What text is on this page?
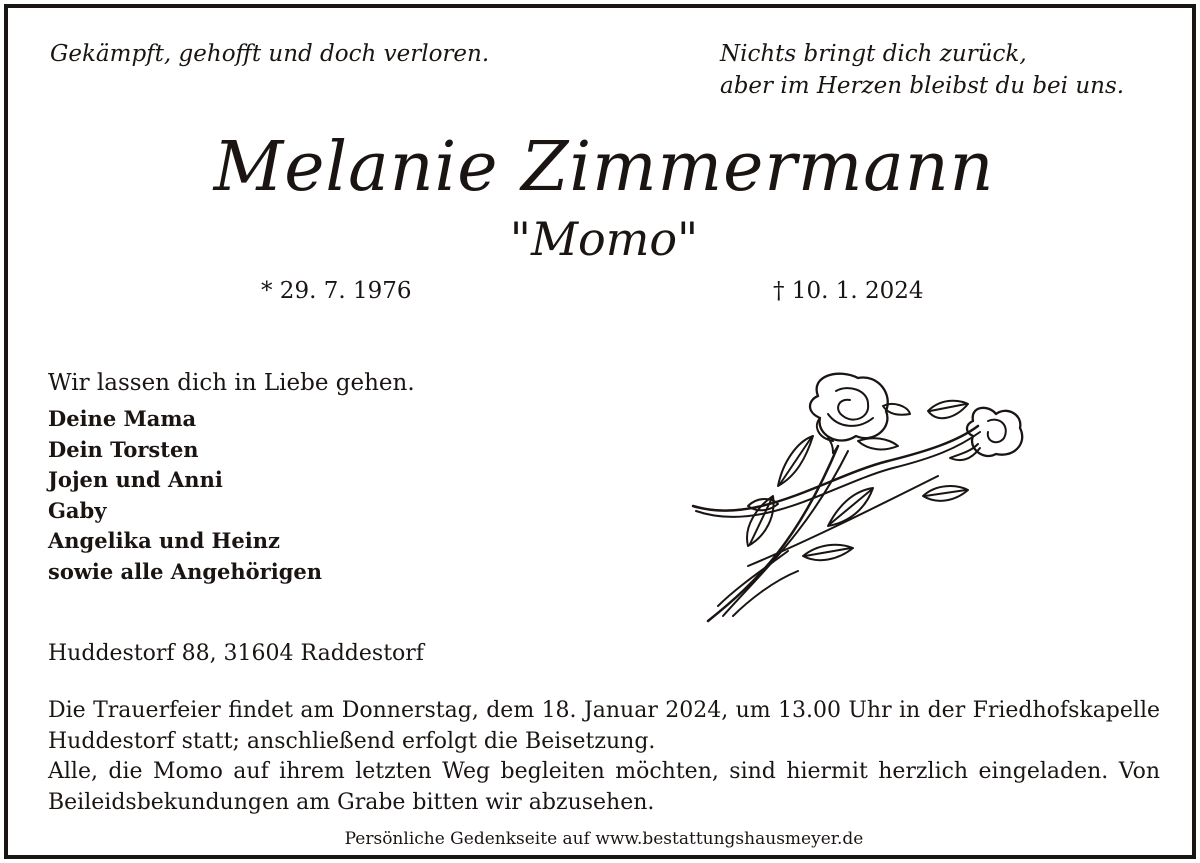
Gekämpft, gehofft und doch verloren.	Nichts bringt dich zurück,
aber im Herzen bleibst du bei uns.
Melanie Zimmermann
"Momo"
* 29. 7. 1976	† 10. 1. 2024
Wir lassen dich in Liebe gehen.
Deine Mama
Dein Torsten
Jojen und Anni
Gaby
Angelika und Heinz
sowie alle Angehörigen
Huddestorf 88, 31604 Raddestorf

Die Trauerfeier findet am Donnerstag, dem 18. Januar 2024, um 13.00 Uhr in der Friedhofskapelle Huddestorf statt; anschließend erfolgt die Beisetzung.

Alle, die Momo auf ihrem letzten Weg begleiten möchten, sind hiermit herzlich eingeladen. Von Beileidsbekundungen am Grabe bitten wir abzusehen.

Persönliche Gedenkseite auf www.bestattungshausmeyer.de
